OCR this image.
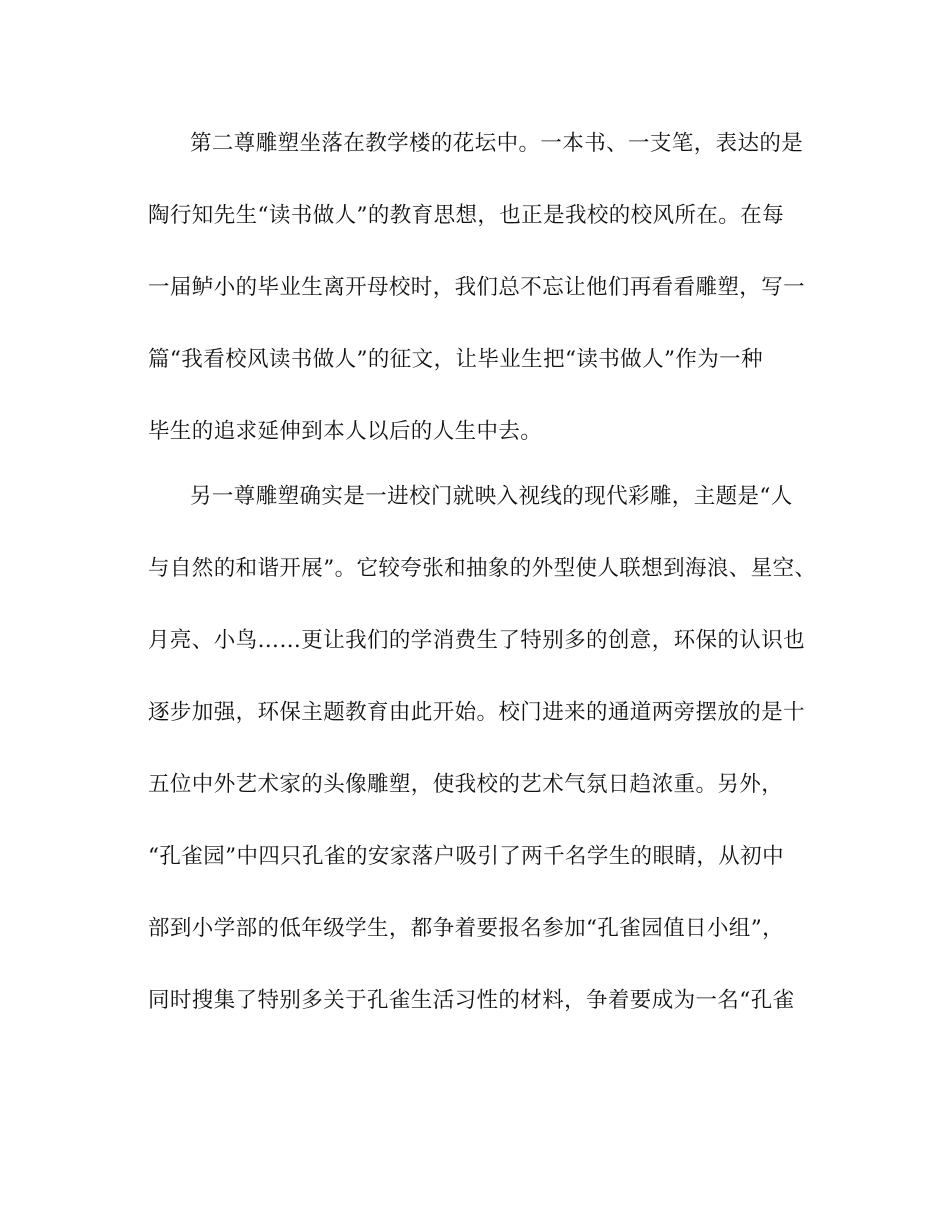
第二尊雕塑坐落在教学楼的花坛中。一本书、一支笔，表达的是
陶行知先生“读书做人”的教育思想，也正是我校的校风所在。在每
一届鲈小的毕业生离开母校时，我们总不忘让他们再看看雕塑，写一
篇“我看校风读书做人”的征文，让毕业生把“读书做人”作为一种
毕生的追求延伸到本人以后的人生中去。
另一尊雕塑确实是一进校门就映入视线的现代彩雕，主题是“人
与自然的和谐开展”。它较夸张和抽象的外型使人联想到海浪、星空、
月亮、小鸟……更让我们的学消费生了特别多的创意，环保的认识也
逐步加强，环保主题教育由此开始。校门进来的通道两旁摆放的是十
五位中外艺术家的头像雕塑，使我校的艺术气氛日趋浓重。另外，
“孔雀园”中四只孔雀的安家落户吸引了两千名学生的眼睛，从初中
部到小学部的低年级学生，都争着要报名参加“孔雀园值日小组”，
同时搜集了特别多关于孔雀生活习性的材料，争着要成为一名“孔雀
